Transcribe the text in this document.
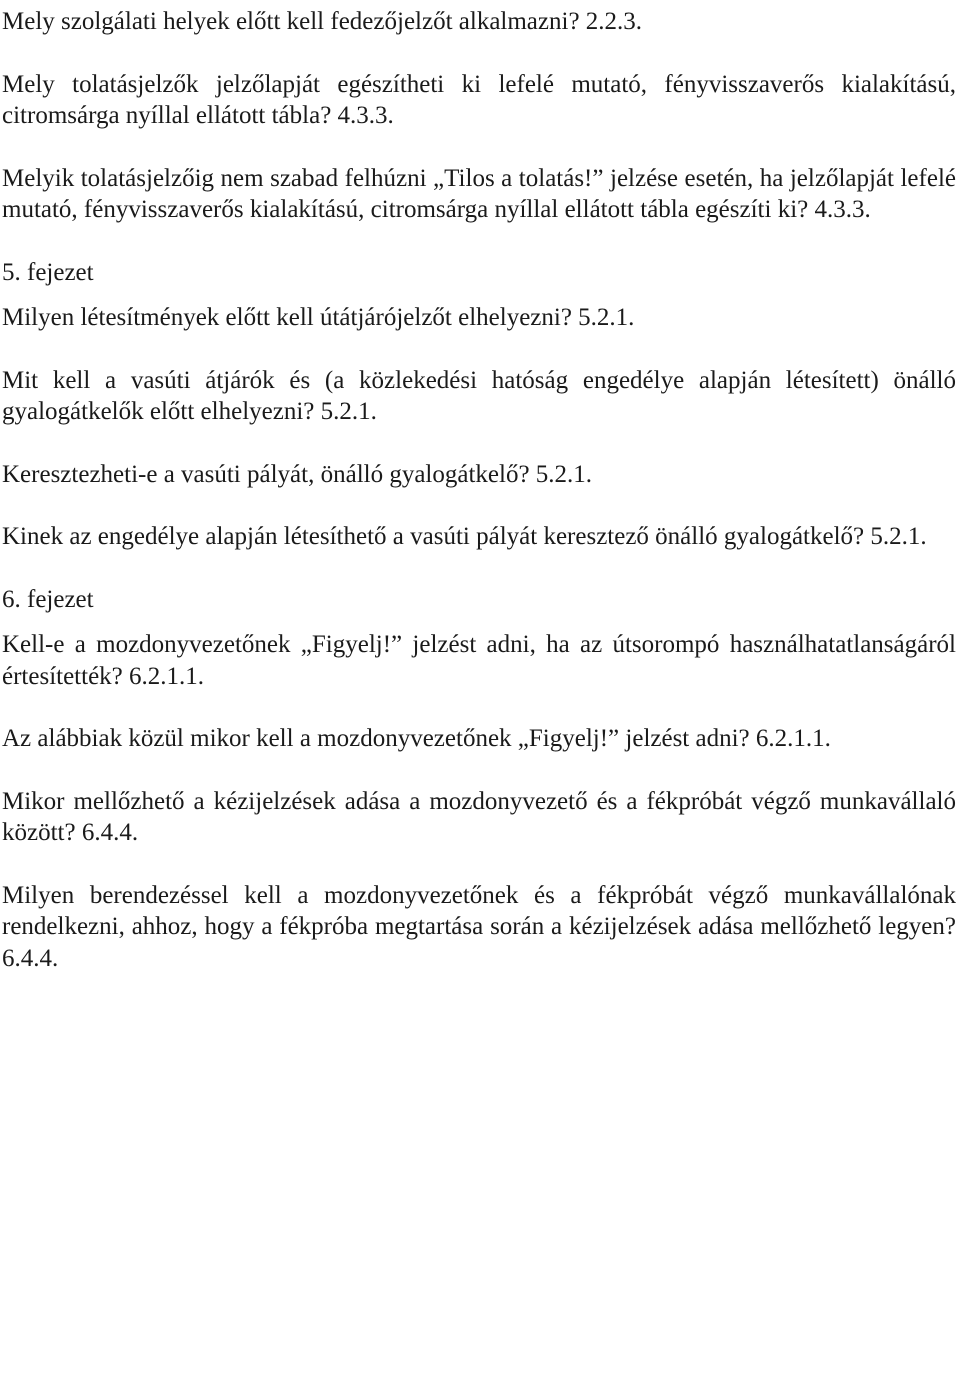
Mely szolgálati helyek előtt kell fedezőjelzőt alkalmazni? 2.2.3.

Mely tolatásjelzők jelzőlapját egészítheti ki lefelé mutató, fényvisszaverős kialakítású, citromsárga nyíllal ellátott tábla? 4.3.3.

Melyik tolatásjelzőig nem szabad felhúzni „Tilos a tolatás!” jelzése esetén, ha jelzőlapját lefelé mutató, fényvisszaverős kialakítású, citromsárga nyíllal ellátott tábla egészíti ki? 4.3.3.

5. fejezet

Milyen létesítmények előtt kell útátjárójelzőt elhelyezni? 5.2.1.

Mit kell a vasúti átjárók és (a közlekedési hatóság engedélye alapján létesített) önálló gyalogátkelők előtt elhelyezni? 5.2.1.

Keresztezheti-e a vasúti pályát, önálló gyalogátkelő? 5.2.1.

Kinek az engedélye alapján létesíthető a vasúti pályát keresztező önálló gyalogátkelő? 5.2.1.

6. fejezet

Kell-e a mozdonyvezetőnek „Figyelj!” jelzést adni, ha az útsorompó használhatatlanságáról értesítették? 6.2.1.1.

Az alábbiak közül mikor kell a mozdonyvezetőnek „Figyelj!” jelzést adni? 6.2.1.1.

Mikor mellőzhető a kézijelzések adása a mozdonyvezető és a fékpróbát végző munkavállaló között? 6.4.4.

Milyen berendezéssel kell a mozdonyvezetőnek és a fékpróbát végző munkavállalónak rendelkezni, ahhoz, hogy a fékpróba megtartása során a kézijelzések adása mellőzhető legyen? 6.4.4.
